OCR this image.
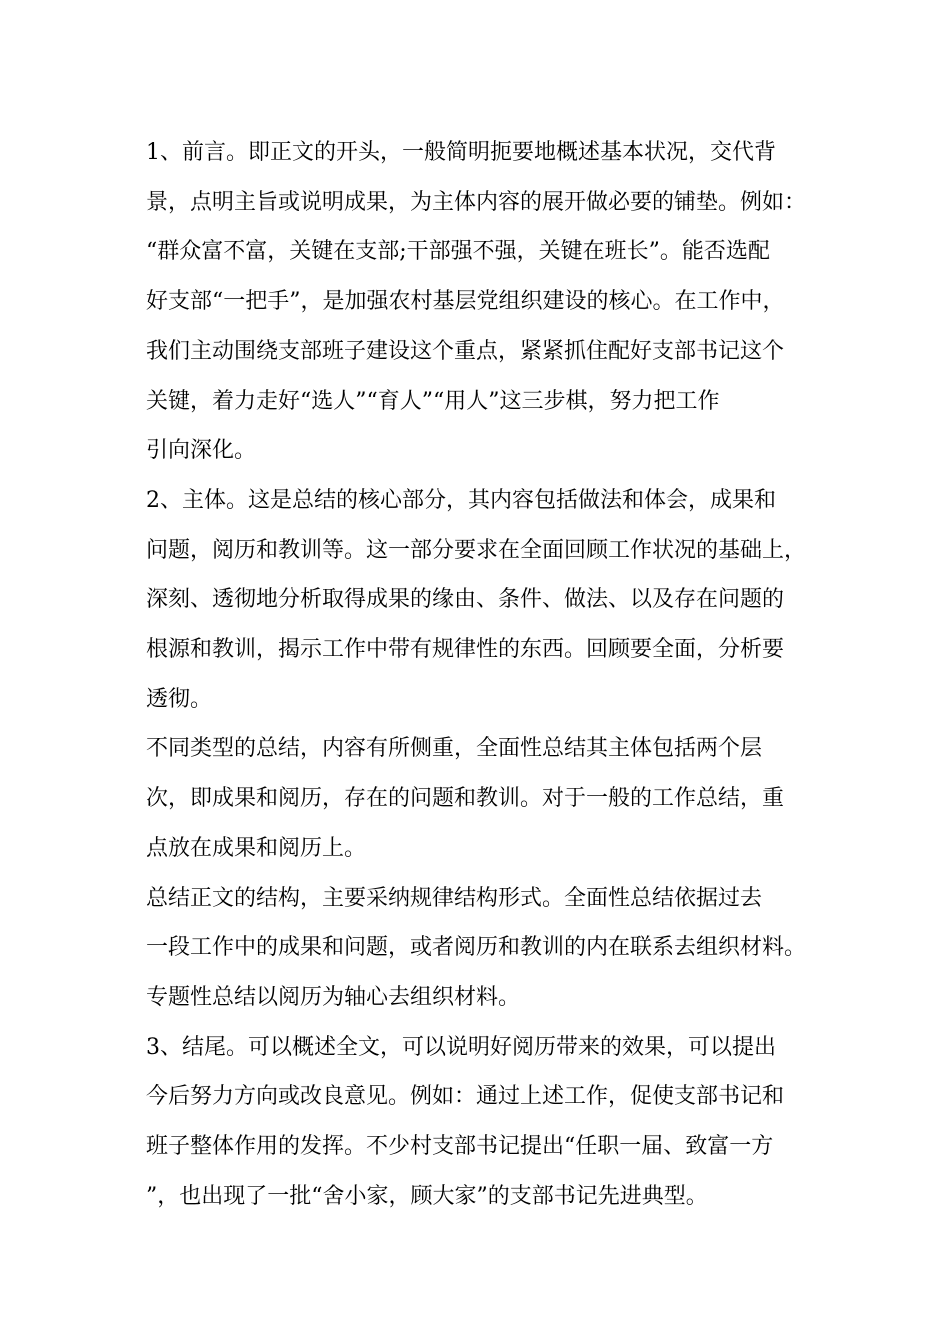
1、前言。即正文的开头，一般简明扼要地概述基本状况，交代背
景，点明主旨或说明成果，为主体内容的展开做必要的铺垫。例如：
“群众富不富，关键在支部;干部强不强，关键在班长”。能否选配
好支部“一把手”，是加强农村基层党组织建设的核心。在工作中，
我们主动围绕支部班子建设这个重点，紧紧抓住配好支部书记这个
关键，着力走好“选人”“育人”“用人”这三步棋，努力把工作
引向深化。

2、主体。这是总结的核心部分，其内容包括做法和体会，成果和
问题，阅历和教训等。这一部分要求在全面回顾工作状况的基础上，
深刻、透彻地分析取得成果的缘由、条件、做法、以及存在问题的
根源和教训，揭示工作中带有规律性的东西。回顾要全面，分析要
透彻。

不同类型的总结，内容有所侧重，全面性总结其主体包括两个层
次，即成果和阅历，存在的问题和教训。对于一般的工作总结，重
点放在成果和阅历上。

总结正文的结构，主要采纳规律结构形式。全面性总结依据过去
一段工作中的成果和问题，或者阅历和教训的内在联系去组织材料。
专题性总结以阅历为轴心去组织材料。

3、结尾。可以概述全文，可以说明好阅历带来的效果，可以提出
今后努力方向或改良意见。例如：通过上述工作，促使支部书记和
班子整体作用的发挥。不少村支部书记提出“任职一届、致富一方
”，也出现了一批“舍小家，顾大家”的支部书记先进典型。
